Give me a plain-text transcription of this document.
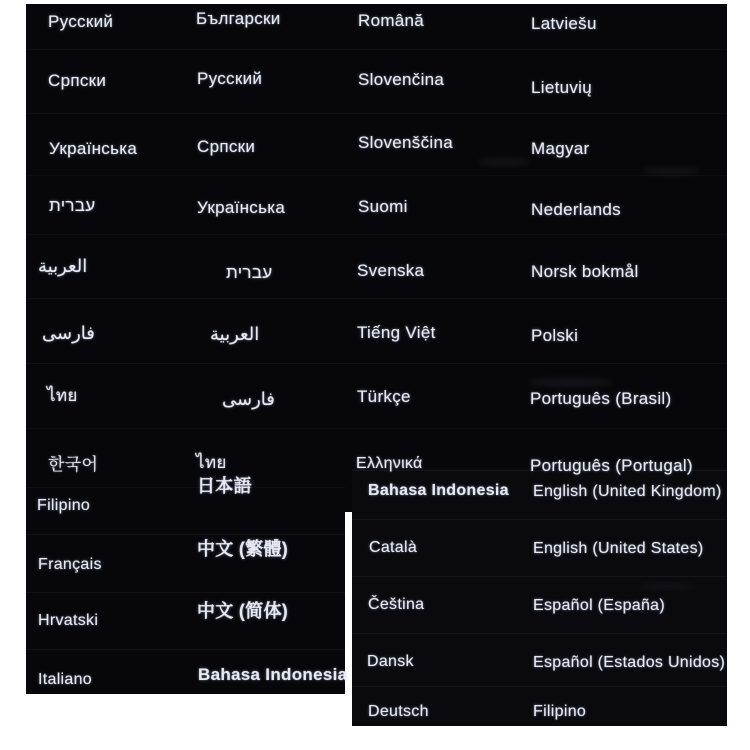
Русский
Српски
Українська
עברית
العربية
فارسی
ไทย
한국어
Filipino
Français
Hrvatski
Italiano
Български
Русский
Српски
Українська
עברית
العربية
فارسی
ไทย
日本語
中文 (繁體)
中文 (简体)
Bahasa Indonesia
Română
Slovenčina
Slovenščina
Suomi
Svenska
Tiếng Việt
Türkçe
Ελληνικά
Bahasa Indonesia
Català
Čeština
Dansk
Deutsch
Latviešu
Lietuvių
Magyar
Nederlands
Norsk bokmål
Polski
Português (Brasil)
Português (Portugal)
English (United Kingdom)
English (United States)
Español (España)
Español (Estados Unidos)
Filipino
